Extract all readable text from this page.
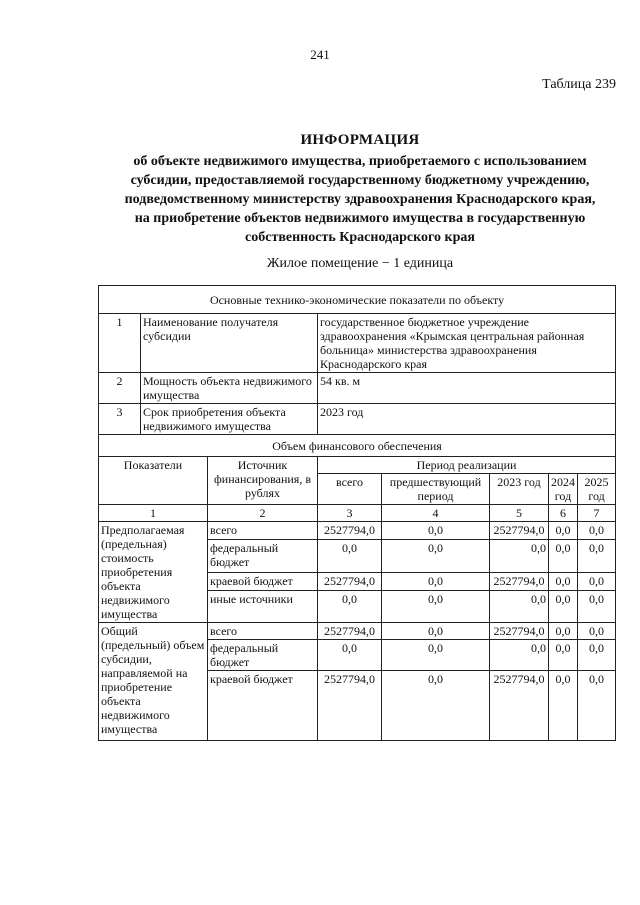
241
Таблица 239
ИНФОРМАЦИЯ
об объекте недвижимого имущества, приобретаемого с использованием
субсидии, предоставляемой государственному бюджетному учреждению,
подведомственному министерству здравоохранения Краснодарского края,
на приобретение объектов недвижимого имущества в государственную
собственность Краснодарского края
Жилое помещение − 1 единица
Основные технико-экономические показатели по объекту							
1	Наименование получателя субсидии		государственное бюджетное учреждение здравоохранения «Крымская центральная районная больница» министерства здравоохранения Краснодарского края				
2	Мощность объекта недвижимого имущества		54 кв. м				
3	Срок приобретения объекта недвижимого имущества		2023 год				
Объем финансового обеспечения							
Показатели		Источник финансирования, в рублях	Период реализации				
			всего	предшествующий период	2023 год	2024 год	2025 год
1		2	3	4	5	6	7
Предполагаемая (предельная) стоимость приобретения объекта недвижимого имущества		всего	2527794,0	0,0	2527794,0	0,0	0,0
		федеральный бюджет	0,0	0,0	0,0	0,0	0,0
		краевой бюджет	2527794,0	0,0	2527794,0	0,0	0,0
		иные источники	0,0	0,0	0,0	0,0	0,0
Общий (предельный) объем субсидии, направляемой на приобретение объекта недвижимого имущества		всего	2527794,0	0,0	2527794,0	0,0	0,0
		федеральный бюджет	0,0	0,0	0,0	0,0	0,0
		краевой бюджет	2527794,0	0,0	2527794,0	0,0	0,0
